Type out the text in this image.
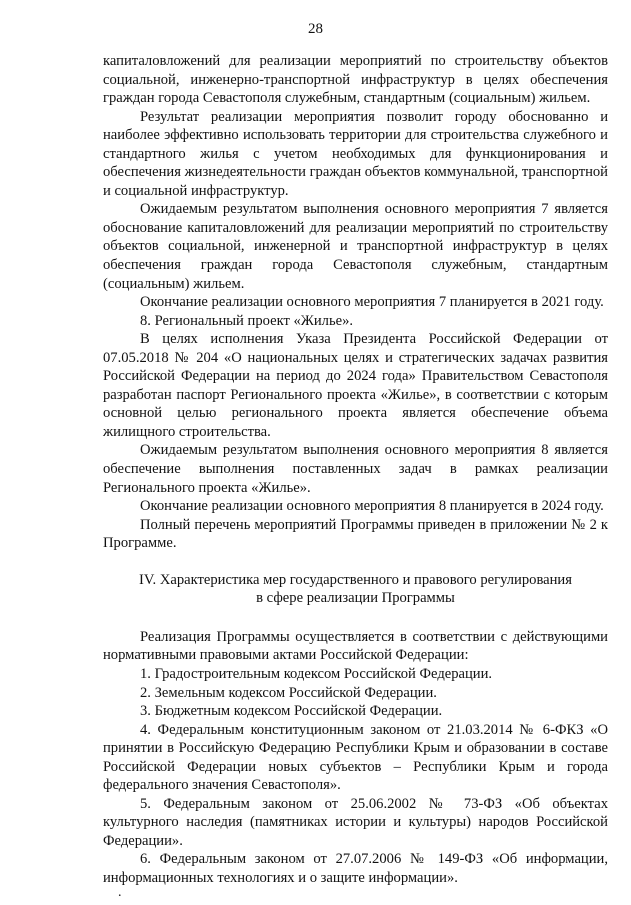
28

капиталовложений для реализации мероприятий по строительству объектов социальной, инженерно-транспортной инфраструктур в целях обеспечения граждан города Севастополя служебным, стандартным (социальным) жильем.

Результат реализации мероприятия позволит городу обоснованно и наиболее эффективно использовать территории для строительства служебного и стандартного жилья с учетом необходимых для функционирования и обеспечения жизнедеятельности граждан объектов коммунальной, транспортной и социальной инфраструктур.

Ожидаемым результатом выполнения основного мероприятия 7 является обоснование капиталовложений для реализации мероприятий по строительству объектов социальной, инженерной и транспортной инфраструктур в целях обеспечения граждан города Севастополя служебным, стандартным (социальным) жильем.

Окончание реализации основного мероприятия 7 планируется в 2021 году.

8. Региональный проект «Жилье».

В целях исполнения Указа Президента Российской Федерации от 07.05.2018 № 204 «О национальных целях и стратегических задачах развития Российской Федерации на период до 2024 года» Правительством Севастополя разработан паспорт Регионального проекта «Жилье», в соответствии с которым основной целью регионального проекта является обеспечение объема жилищного строительства.

Ожидаемым результатом выполнения основного мероприятия 8 является обеспечение выполнения поставленных задач в рамках реализации Регионального проекта «Жилье».

Окончание реализации основного мероприятия 8 планируется в 2024 году.

Полный перечень мероприятий Программы приведен в приложении № 2 к Программе.

IV. Характеристика мер государственного и правового регулирования

в сфере реализации Программы

Реализация Программы осуществляется в соответствии с действующими нормативными правовыми актами Российской Федерации:

1. Градостроительным кодексом Российской Федерации.

2. Земельным кодексом Российской Федерации.

3. Бюджетным кодексом Российской Федерации.

4. Федеральным конституционным законом от 21.03.2014 № 6-ФКЗ «О принятии в Российскую Федерацию Республики Крым и образовании в составе Российской Федерации новых субъектов – Республики Крым и города федерального значения Севастополя».

5. Федеральным законом от 25.06.2002 № 73-ФЗ «Об объектах культурного наследия (памятниках истории и культуры) народов Российской Федерации».

6. Федеральным законом от 27.07.2006 № 149-ФЗ «Об информации, информационных технологиях и о защите информации».

.
